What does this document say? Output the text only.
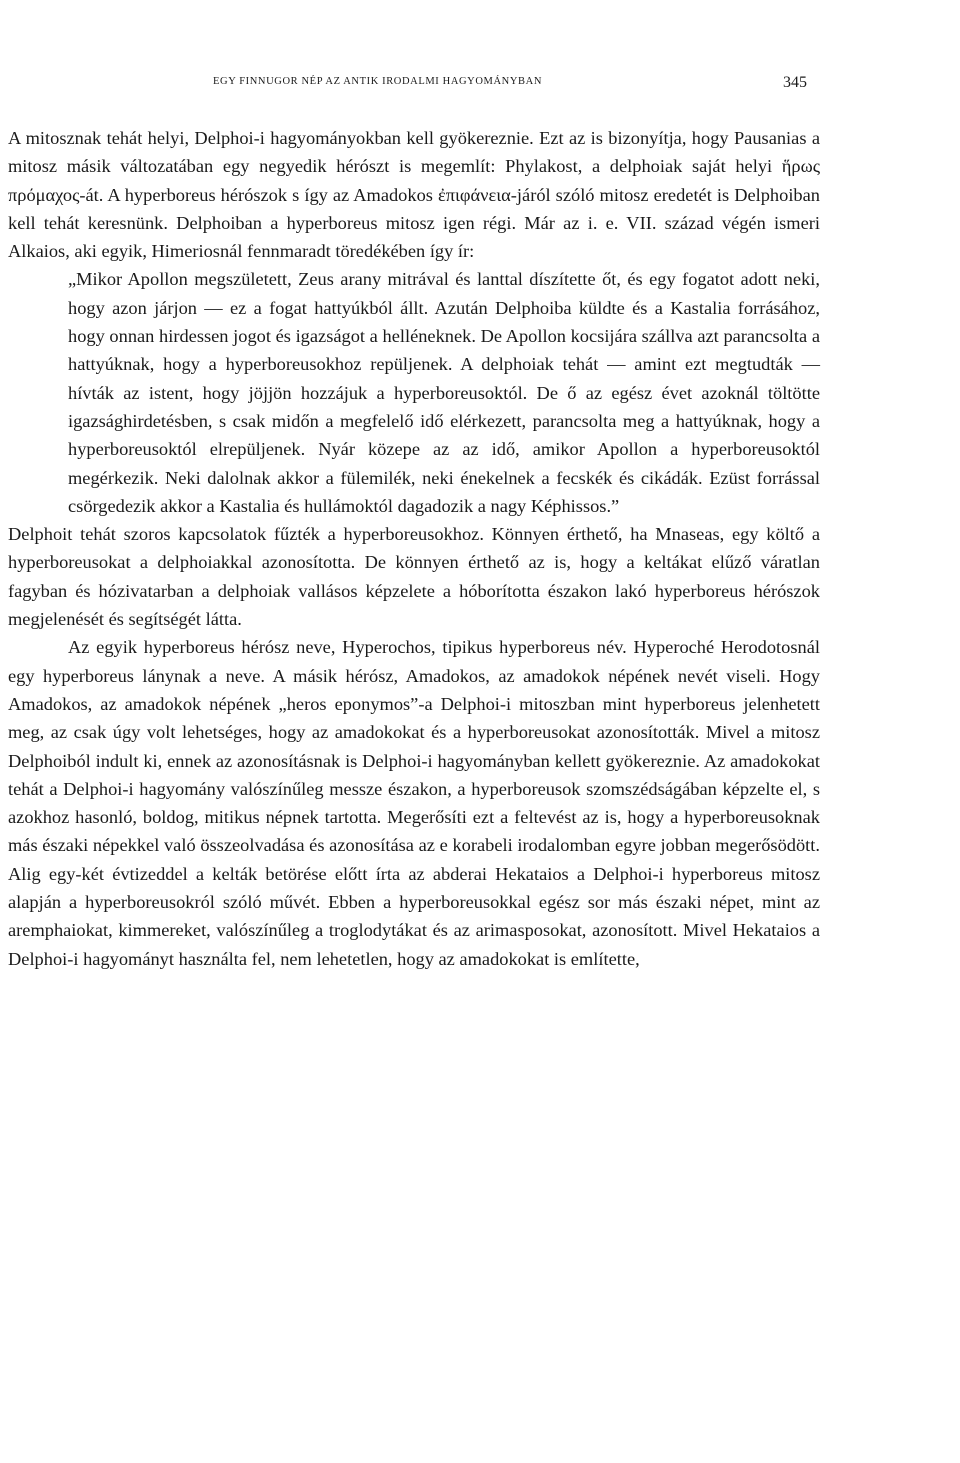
EGY FINNUGOR NÉP AZ ANTIK IRODALMI HAGYOMÁNYBAN	345

A mitosznak tehát helyi, Delphoi-i hagyományokban kell gyökereznie. Ezt az is bizonyítja, hogy Pausanias a mitosz másik változatában egy negyedik hérószt is megemlít: Phylakost, a delphoiak saját helyi ἥρως πρόμαχος-át. A hyperboreus hérószok s így az Amadokos ἐπιφάνεια-járól szóló mitosz eredetét is Delphoiban kell tehát keresnünk. Delphoiban a hyperboreus mitosz igen régi. Már az i. e. VII. század végén ismeri Alkaios, aki egyik, Himeriosnál fennmaradt töredékében így ír:

„Mikor Apollon megszületett, Zeus arany mitrával és lanttal díszítette őt, és egy fogatot adott neki, hogy azon járjon — ez a fogat hattyúkból állt. Azután Delphoiba küldte és a Kastalia forrásához, hogy onnan hirdessen jogot és igazságot a helléneknek. De Apollon kocsijára szállva azt parancsolta a hattyúknak, hogy a hyperboreusokhoz repüljenek. A delphoiak tehát — amint ezt megtudták — hívták az istent, hogy jöjjön hozzájuk a hyperboreusoktól. De ő az egész évet azoknál töltötte igazsághirdetésben, s csak midőn a megfelelő idő elérkezett, parancsolta meg a hattyúknak, hogy a hyperboreusoktól elrepüljenek. Nyár közepe az az idő, amikor Apollon a hyperboreusoktól megérkezik. Neki dalolnak akkor a fülemilék, neki énekelnek a fecskék és cikádák. Ezüst forrással csörgedezik akkor a Kastalia és hullámoktól dagadozik a nagy Képhissos.”

Delphoit tehát szoros kapcsolatok fűzték a hyperboreusokhoz. Könnyen érthető, ha Mnaseas, egy költő a hyperboreusokat a delphoiakkal azonosította. De könnyen érthető az is, hogy a keltákat elűző váratlan fagyban és hózivatarban a delphoiak vallásos képzelete a hóborította északon lakó hyperboreus hérószok megjelenését és segítségét látta.

Az egyik hyperboreus hérósz neve, Hyperochos, tipikus hyperboreus név. Hyperoché Herodotosnál egy hyperboreus lánynak a neve. A másik hérósz, Amadokos, az amadokok népének nevét viseli. Hogy Amadokos, az amadokok népének „heros eponymos”-a Delphoi-i mitoszban mint hyperboreus jelenhetett meg, az csak úgy volt lehetséges, hogy az amadokokat és a hyperboreusokat azonosították. Mivel a mitosz Delphoiból indult ki, ennek az azonosításnak is Delphoi-i hagyományban kellett gyökereznie. Az amadokokat tehát a Delphoi-i hagyomány valószínűleg messze északon, a hyperboreusok szomszédságában képzelte el, s azokhoz hasonló, boldog, mitikus népnek tartotta. Megerősíti ezt a feltevést az is, hogy a hyperboreusoknak más északi népekkel való összeolvadása és azonosítása az e korabeli irodalomban egyre jobban megerősödött. Alig egy-két évtizeddel a kelták betörése előtt írta az abderai Hekataios a Delphoi-i hyperboreus mitosz alapján a hyperboreusokról szóló művét. Ebben a hyperboreusokkal egész sor más északi népet, mint az aremphaiokat, kimmereket, valószínűleg a troglodytákat és az arimasposokat, azonosított. Mivel Hekataios a Delphoi-i hagyományt használta fel, nem lehetetlen, hogy az amadokokat is említette,
